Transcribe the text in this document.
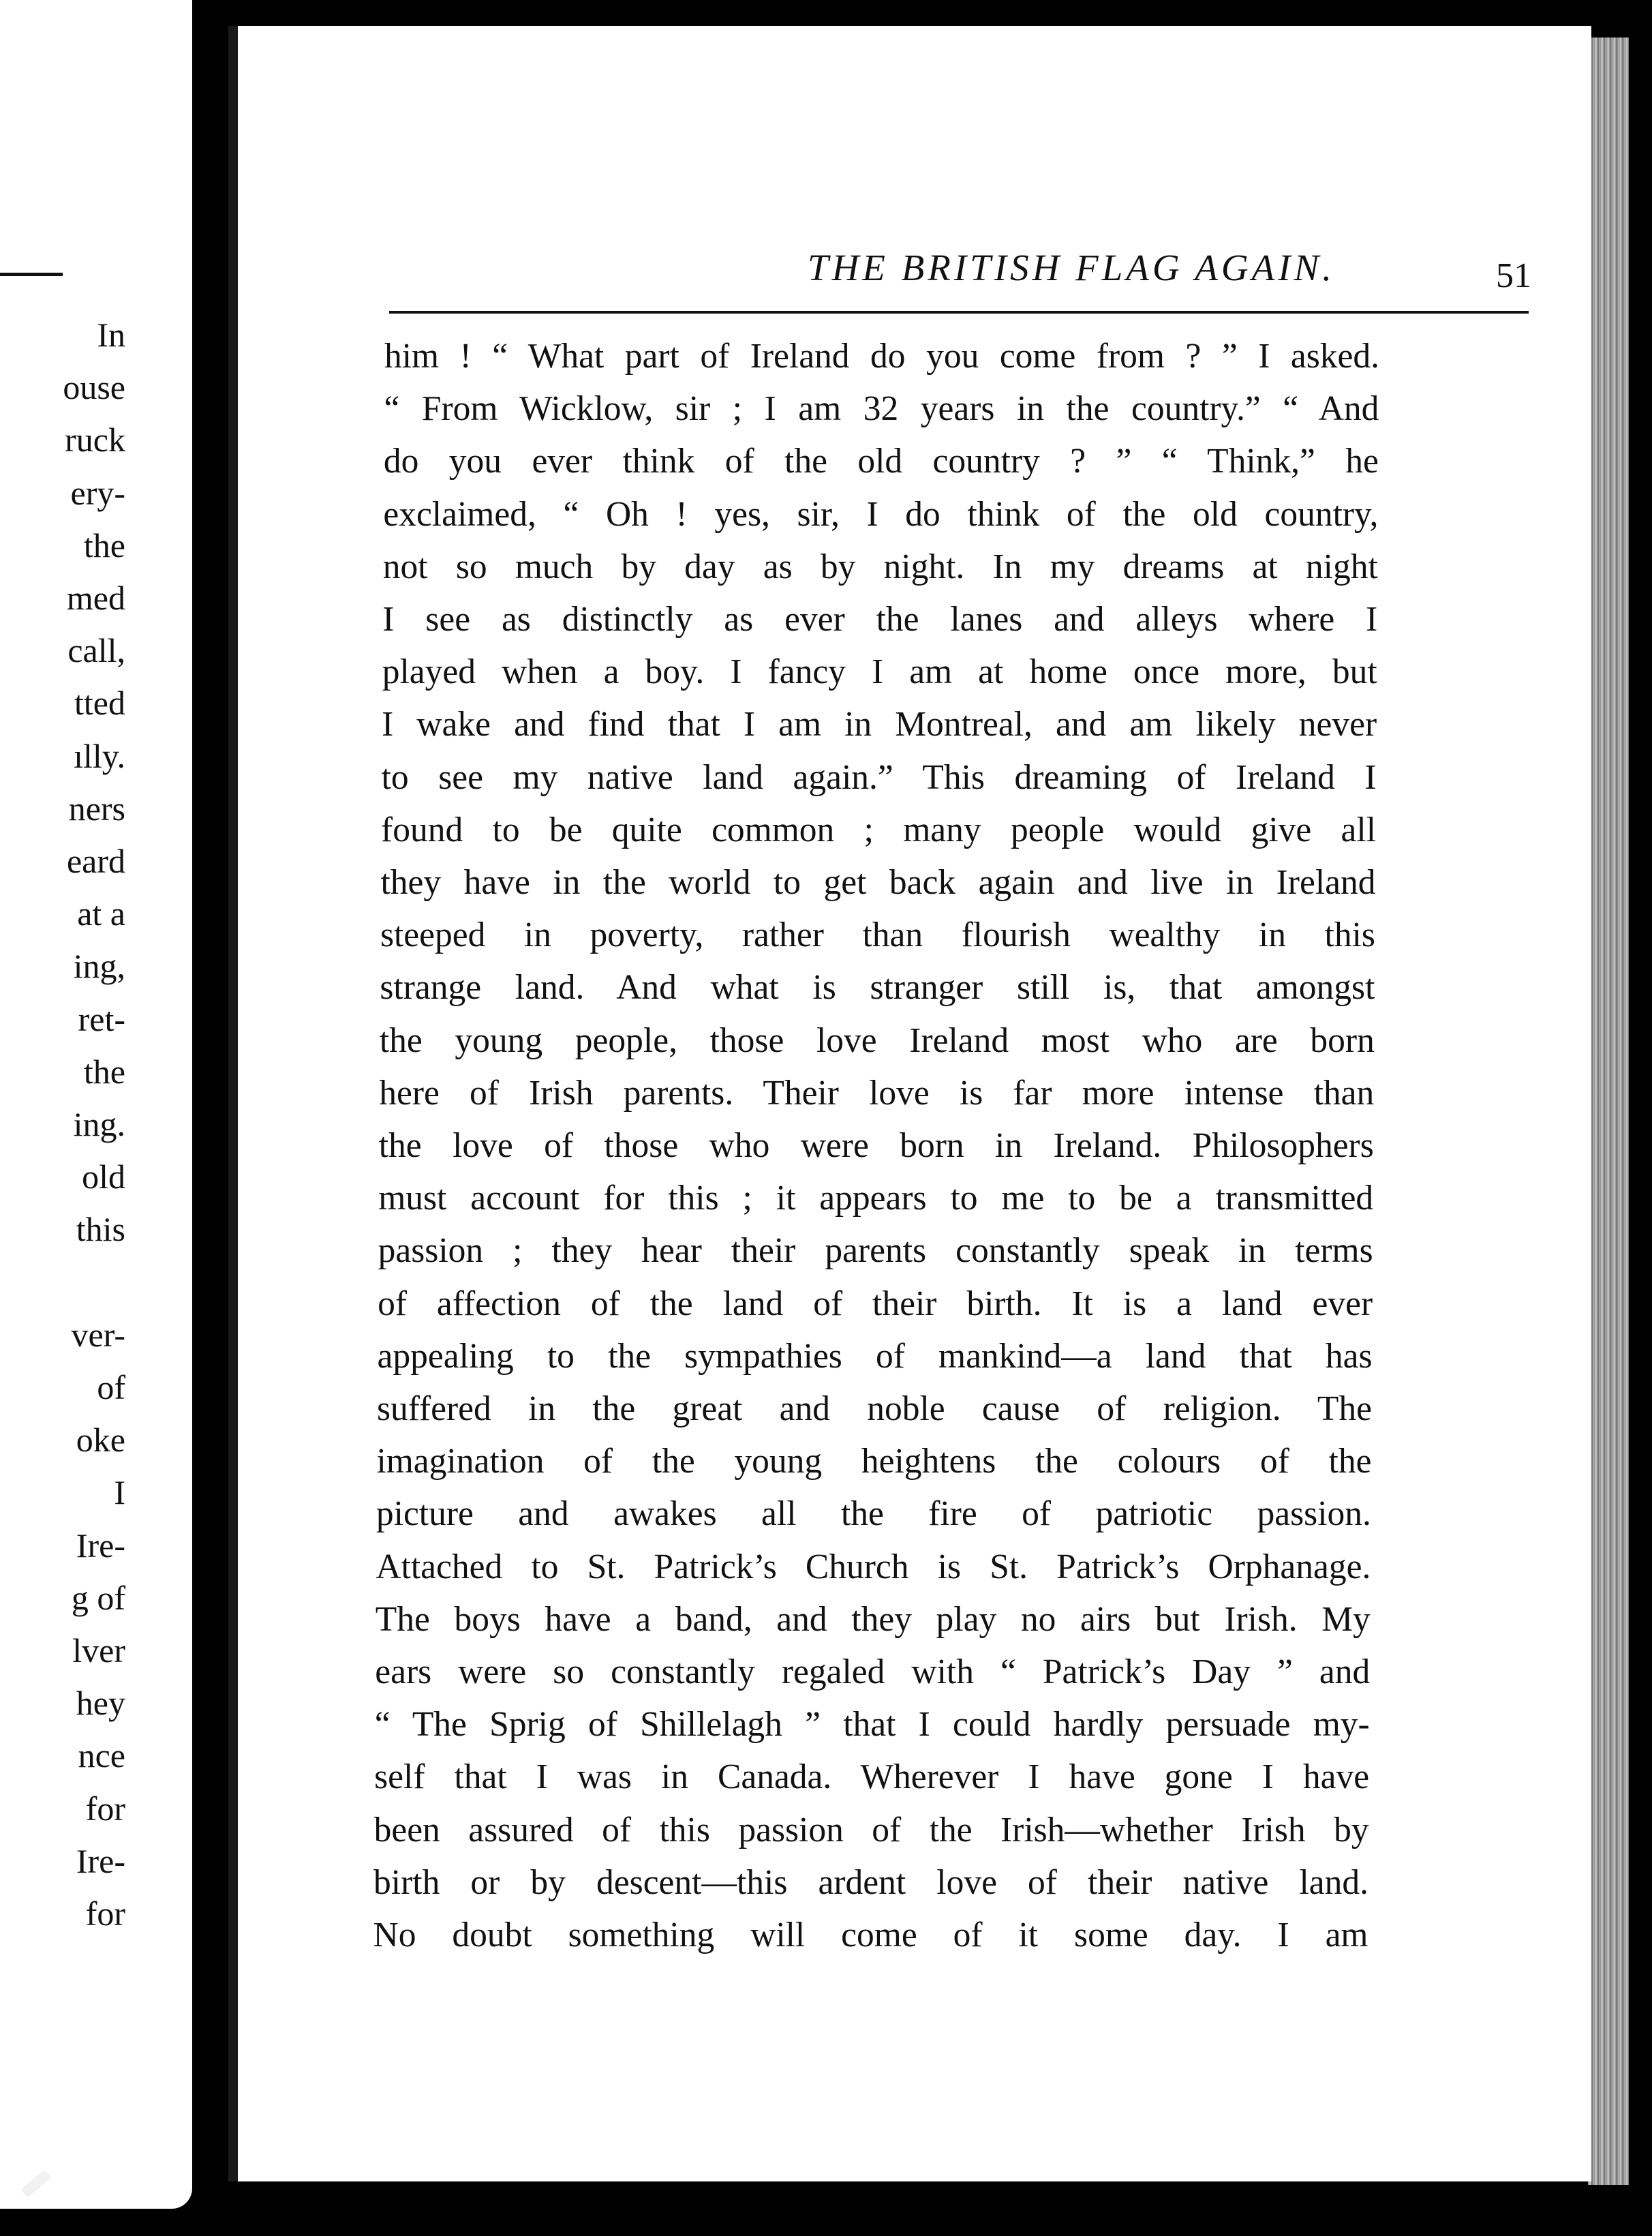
In
ouse
ruck
ery-
the
med
call,
tted
ılly.
ners
eard
at a
ing,
ret-
the
ing.
old
this
ver-
of
oke
I
Ire-
g of
lver
hey
nce
for
Ire-
for
THE BRITISH FLAG AGAIN.	51
him ! “ What part of Ireland do you come from ? ” I asked.
“ From Wicklow, sir ; I am 32 years in the country.” “ And
do you ever think of the old country ? ” “ Think,” he
exclaimed, “ Oh ! yes, sir, I do think of the old country,
not so much by day as by night. In my dreams at night
I see as distinctly as ever the lanes and alleys where I
played when a boy. I fancy I am at home once more, but
I wake and find that I am in Montreal, and am likely never
to see my native land again.” This dreaming of Ireland I
found to be quite common ; many people would give all
they have in the world to get back again and live in Ireland
steeped in poverty, rather than flourish wealthy in this
strange land. And what is stranger still is, that amongst
the young people, those love Ireland most who are born
here of Irish parents. Their love is far more intense than
the love of those who were born in Ireland. Philosophers
must account for this ; it appears to me to be a transmitted
passion ; they hear their parents constantly speak in terms
of affection of the land of their birth. It is a land ever
appealing to the sympathies of mankind—a land that has
suffered in the great and noble cause of religion. The
imagination of the young heightens the colours of the
picture and awakes all the fire of patriotic passion.
Attached to St. Patrick’s Church is St. Patrick’s Orphanage.
The boys have a band, and they play no airs but Irish. My
ears were so constantly regaled with “ Patrick’s Day ” and
“ The Sprig of Shillelagh ” that I could hardly persuade my-
self that I was in Canada. Wherever I have gone I have
been assured of this passion of the Irish—whether Irish by
birth or by descent—this ardent love of their native land.
No doubt something will come of it some day. I am
